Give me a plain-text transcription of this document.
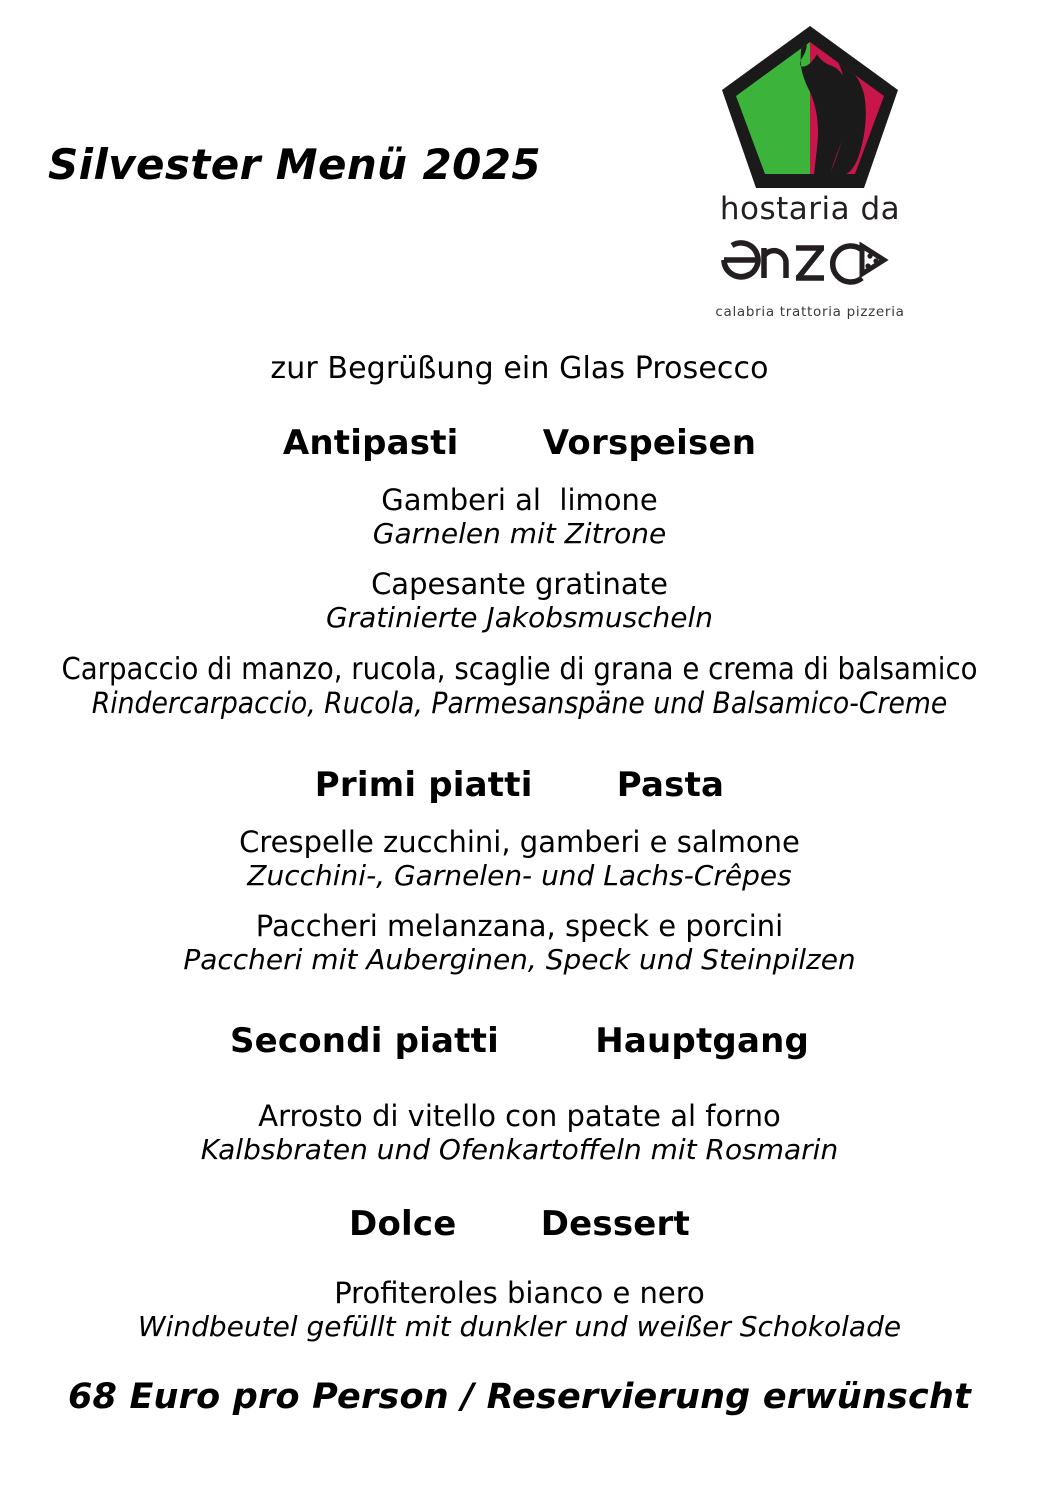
Silvester Menü 2025
hostaria da
calabria trattoria pizzeria
zur Begrüßung ein Glas Prosecco
Antipasti       Vorspeisen
Gamberi al  limone
Garnelen mit Zitrone
Capesante gratinate
Gratinierte Jakobsmuscheln
Carpaccio di manzo, rucola, scaglie di grana e crema di balsamico
Rindercarpaccio, Rucola, Parmesanspäne und Balsamico-Creme
Primi piatti       Pasta
Crespelle zucchini, gamberi e salmone
Zucchini-, Garnelen- und Lachs-Crêpes
Paccheri melanzana, speck e porcini
Paccheri mit Auberginen, Speck und Steinpilzen
Secondi piatti        Hauptgang
Arrosto di vitello con patate al forno
Kalbsbraten und Ofenkartoffeln mit Rosmarin
Dolce       Dessert
Profiteroles bianco e nero
Windbeutel gefüllt mit dunkler und weißer Schokolade
68 Euro pro Person / Reservierung erwünscht
